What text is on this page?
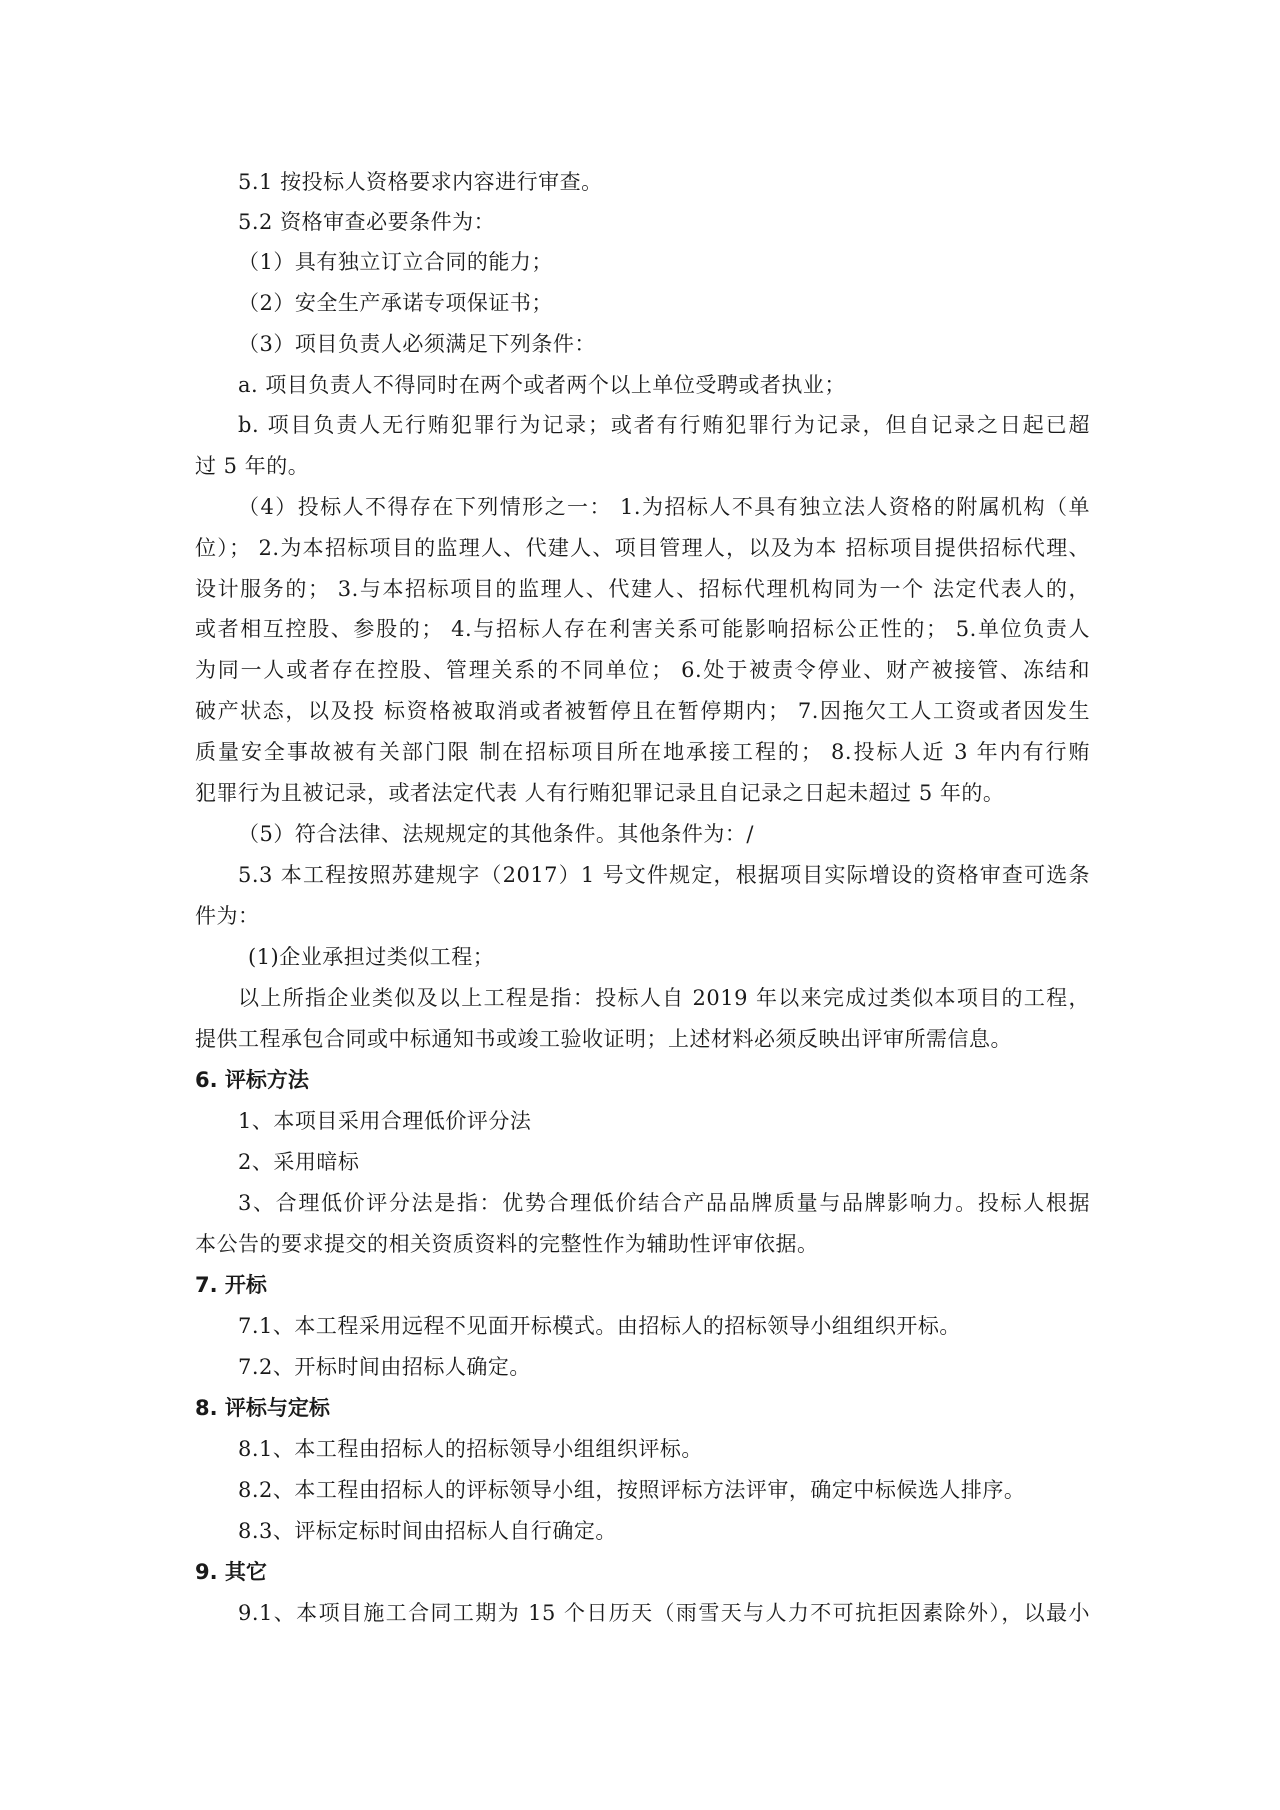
5.1 按投标人资格要求内容进行审查。
5.2 资格审查必要条件为：
（1）具有独立订立合同的能力；
（2）安全生产承诺专项保证书；
（3）项目负责人必须满足下列条件：
a. 项目负责人不得同时在两个或者两个以上单位受聘或者执业；
b. 项目负责人无行贿犯罪行为记录；或者有行贿犯罪行为记录，但自记录之日起已超
过 5 年的。
（4）投标人不得存在下列情形之一： 1.为招标人不具有独立法人资格的附属机构（单
位）； 2.为本招标项目的监理人、代建人、项目管理人，以及为本 招标项目提供招标代理、
设计服务的； 3.与本招标项目的监理人、代建人、招标代理机构同为一个 法定代表人的，
或者相互控股、参股的； 4.与招标人存在利害关系可能影响招标公正性的； 5.单位负责人
为同一人或者存在控股、管理关系的不同单位； 6.处于被责令停业、财产被接管、冻结和
破产状态，以及投 标资格被取消或者被暂停且在暂停期内； 7.因拖欠工人工资或者因发生
质量安全事故被有关部门限 制在招标项目所在地承接工程的； 8.投标人近 3 年内有行贿
犯罪行为且被记录，或者法定代表 人有行贿犯罪记录且自记录之日起未超过 5 年的。
（5）符合法律、法规规定的其他条件。其他条件为：/
5.3 本工程按照苏建规字（2017）1 号文件规定，根据项目实际增设的资格审查可选条
件为：
(1)企业承担过类似工程；
以上所指企业类似及以上工程是指：投标人自 2019 年以来完成过类似本项目的工程，
提供工程承包合同或中标通知书或竣工验收证明；上述材料必须反映出评审所需信息。
6. 评标方法
1、本项目采用合理低价评分法
2、采用暗标
3、合理低价评分法是指：优势合理低价结合产品品牌质量与品牌影响力。投标人根据
本公告的要求提交的相关资质资料的完整性作为辅助性评审依据。
7. 开标
7.1、本工程采用远程不见面开标模式。由招标人的招标领导小组组织开标。
7.2、开标时间由招标人确定。
8. 评标与定标
8.1、本工程由招标人的招标领导小组组织评标。
8.2、本工程由招标人的评标领导小组，按照评标方法评审，确定中标候选人排序。
8.3、评标定标时间由招标人自行确定。
9. 其它
9.1、本项目施工合同工期为 15 个日历天（雨雪天与人力不可抗拒因素除外），以最小
